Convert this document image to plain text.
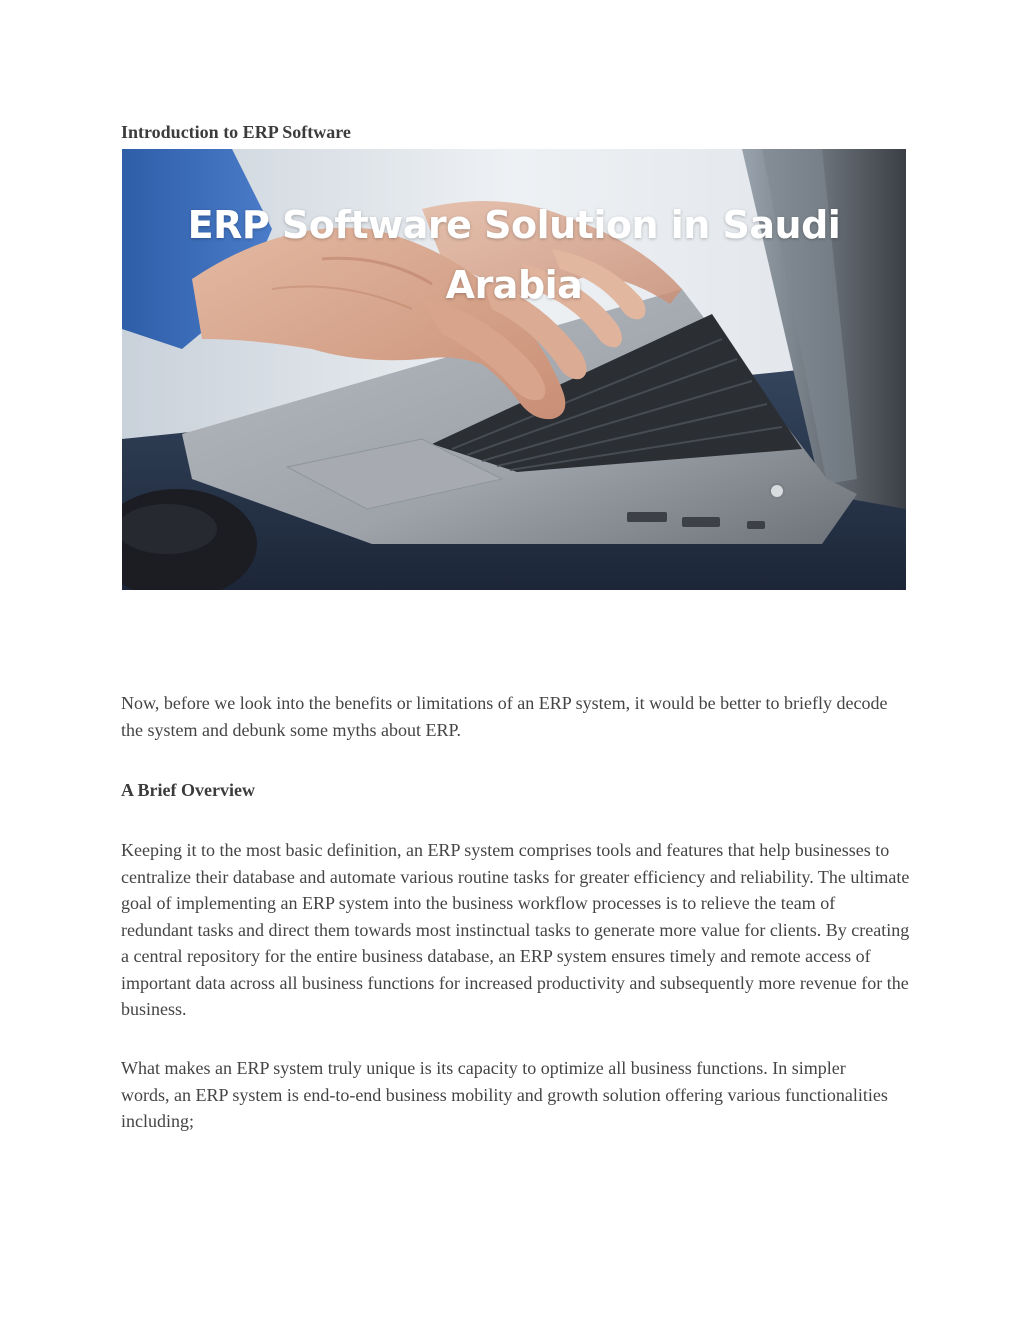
Introduction to ERP Software
ERP Software Solution in Saudi Arabia

Now, before we look into the benefits or limitations of an ERP system, it would be better to briefly decode the system and debunk some myths about ERP.

A Brief Overview

Keeping it to the most basic definition, an ERP system comprises tools and features that help businesses to centralize their database and automate various routine tasks for greater efficiency and reliability. The ultimate goal of implementing an ERP system into the business workflow processes is to relieve the team of redundant tasks and direct them towards most instinctual tasks to generate more value for clients. By creating a central repository for the entire business database, an ERP system ensures timely and remote access of important data across all business functions for increased productivity and subsequently more revenue for the business.

What makes an ERP system truly unique is its capacity to optimize all business functions. In simpler words, an ERP system is end-to-end business mobility and growth solution offering various functionalities including;
